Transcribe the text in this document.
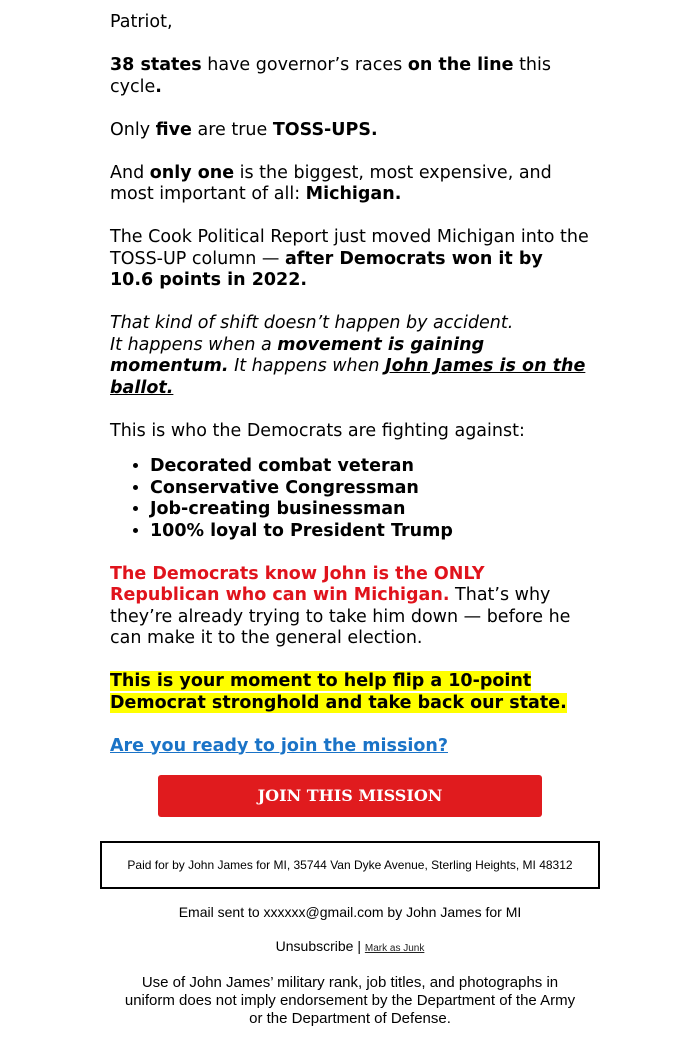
Patriot,

38 states have governor’s races on the line this cycle.

Only five are true TOSS-UPS.

And only one is the biggest, most expensive, and most important of all: Michigan.

The Cook Political Report just moved Michigan into the TOSS-UP column — after Democrats won it by 10.6 points in 2022.

That kind of shift doesn’t happen by accident.
It happens when a movement is gaining momentum. It happens when John James is on the ballot.

This is who the Democrats are fighting against:

• Decorated combat veteran
• Conservative Congressman
• Job-creating businessman
• 100% loyal to President Trump

The Democrats know John is the ONLY Republican who can win Michigan. That’s why they’re already trying to take him down — before he can make it to the general election.

This is your moment to help flip a 10-point Democrat stronghold and take back our state.

Are you ready to join the mission?

JOIN THIS MISSION
Paid for by John James for MI, 35744 Van Dyke Avenue, Sterling Heights, MI 48312
Email sent to xxxxxx@gmail.com by John James for MI
Unsubscribe | Mark as Junk
Use of John James’ military rank, job titles, and photographs in uniform does not imply endorsement by the Department of the Army or the Department of Defense.
